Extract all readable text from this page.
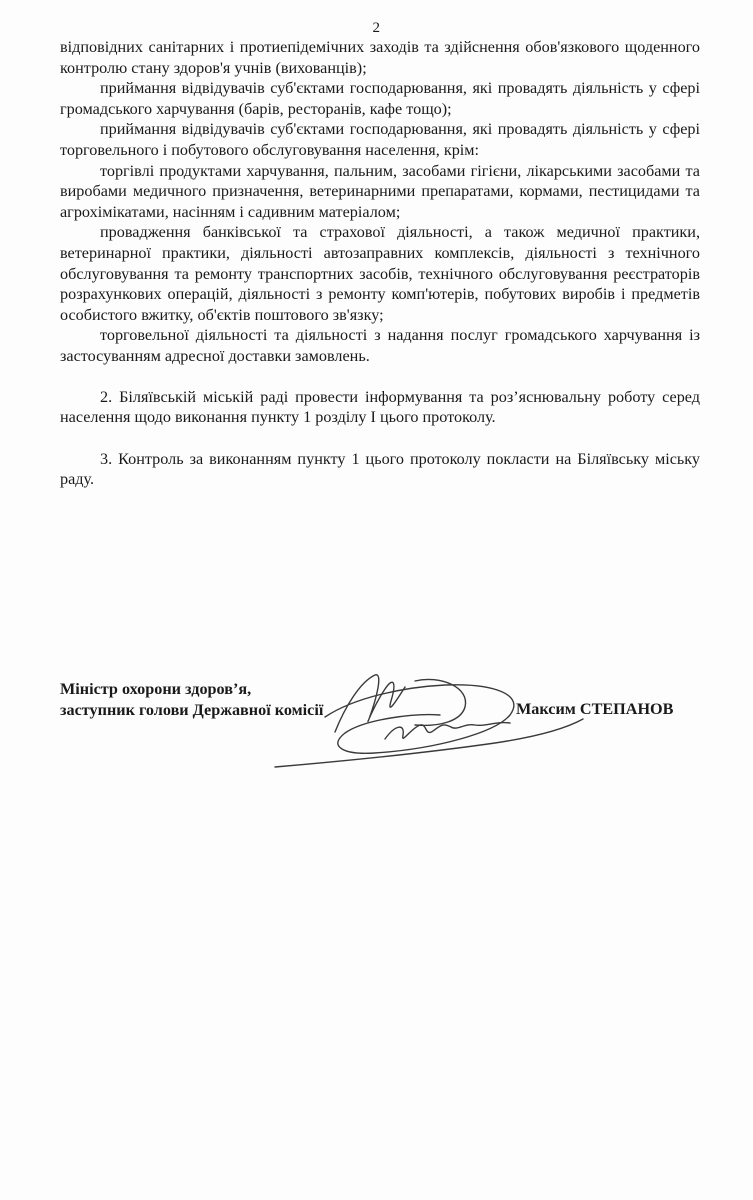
2

відповідних санітарних і протиепідемічних заходів та здійснення обов'язкового щоденного контролю стану здоров'я учнів (вихованців);

приймання відвідувачів суб'єктами господарювання, які провадять діяльність у сфері громадського харчування (барів, ресторанів, кафе тощо);

приймання відвідувачів суб'єктами господарювання, які провадять діяльність у сфері торговельного і побутового обслуговування населення, крім:

торгівлі продуктами харчування, пальним, засобами гігієни, лікарськими засобами та виробами медичного призначення, ветеринарними препаратами, кормами, пестицидами та агрохімікатами, насінням і садивним матеріалом;

провадження банківської та страхової діяльності, а також медичної практики, ветеринарної практики, діяльності автозаправних комплексів, діяльності з технічного обслуговування та ремонту транспортних засобів, технічного обслуговування реєстраторів розрахункових операцій, діяльності з ремонту комп'ютерів, побутових виробів і предметів особистого вжитку, об'єктів поштового зв'язку;

торговельної діяльності та діяльності з надання послуг громадського харчування із застосуванням адресної доставки замовлень.

2. Біляївській міській раді провести інформування та роз’яснювальну роботу серед населення щодо виконання пункту 1 розділу І цього протоколу.

3. Контроль за виконанням пункту 1 цього протоколу покласти на Біляївську міську раду.

Міністр охорони здоров’я,
заступник голови Державної комісії	Максим СТЕПАНОВ
